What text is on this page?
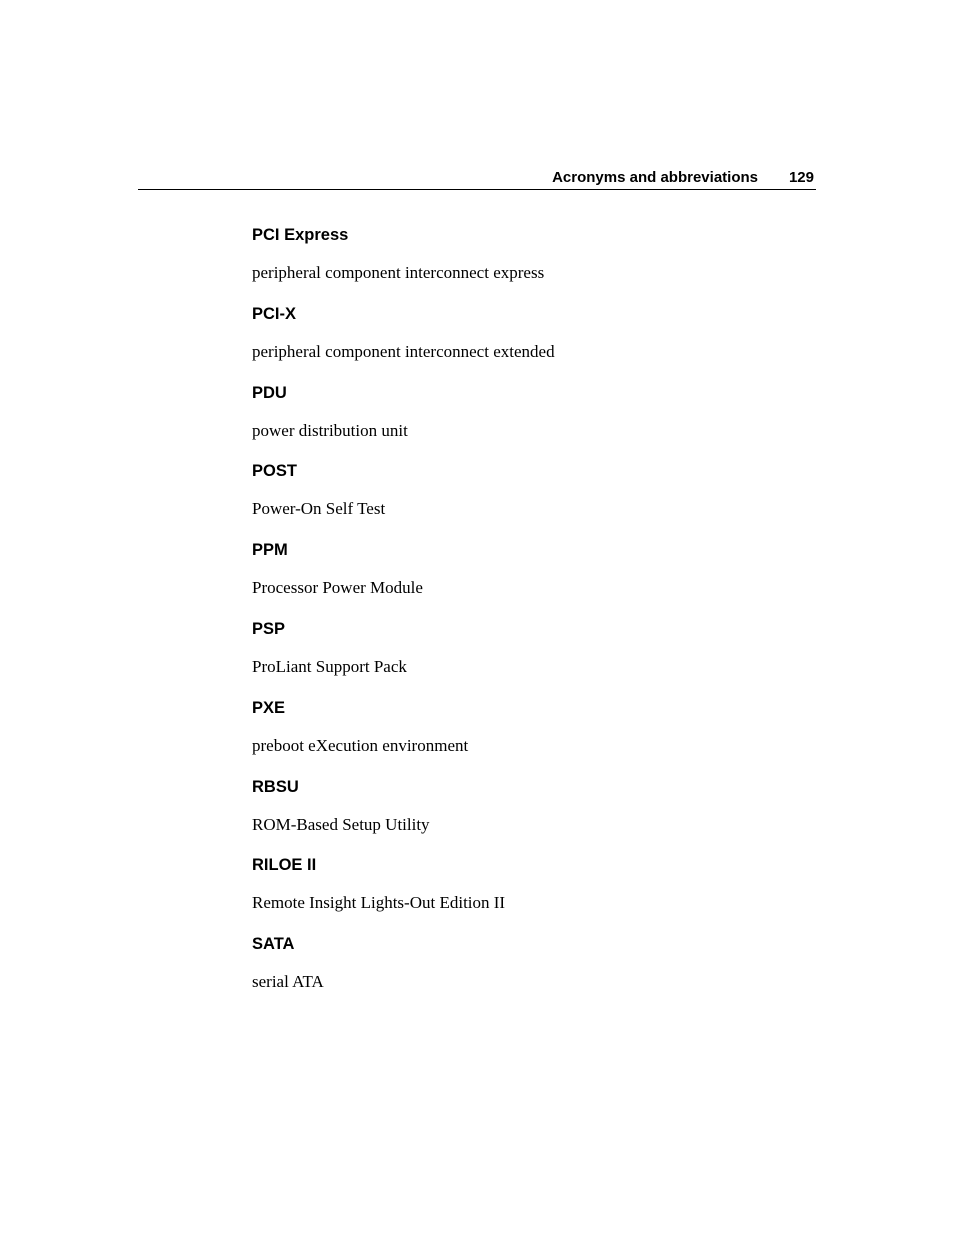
Acronyms and abbreviations 129
PCI Express
peripheral component interconnect express
PCI-X
peripheral component interconnect extended
PDU
power distribution unit
POST
Power-On Self Test
PPM
Processor Power Module
PSP
ProLiant Support Pack
PXE
preboot eXecution environment
RBSU
ROM-Based Setup Utility
RILOE II
Remote Insight Lights-Out Edition II
SATA
serial ATA
